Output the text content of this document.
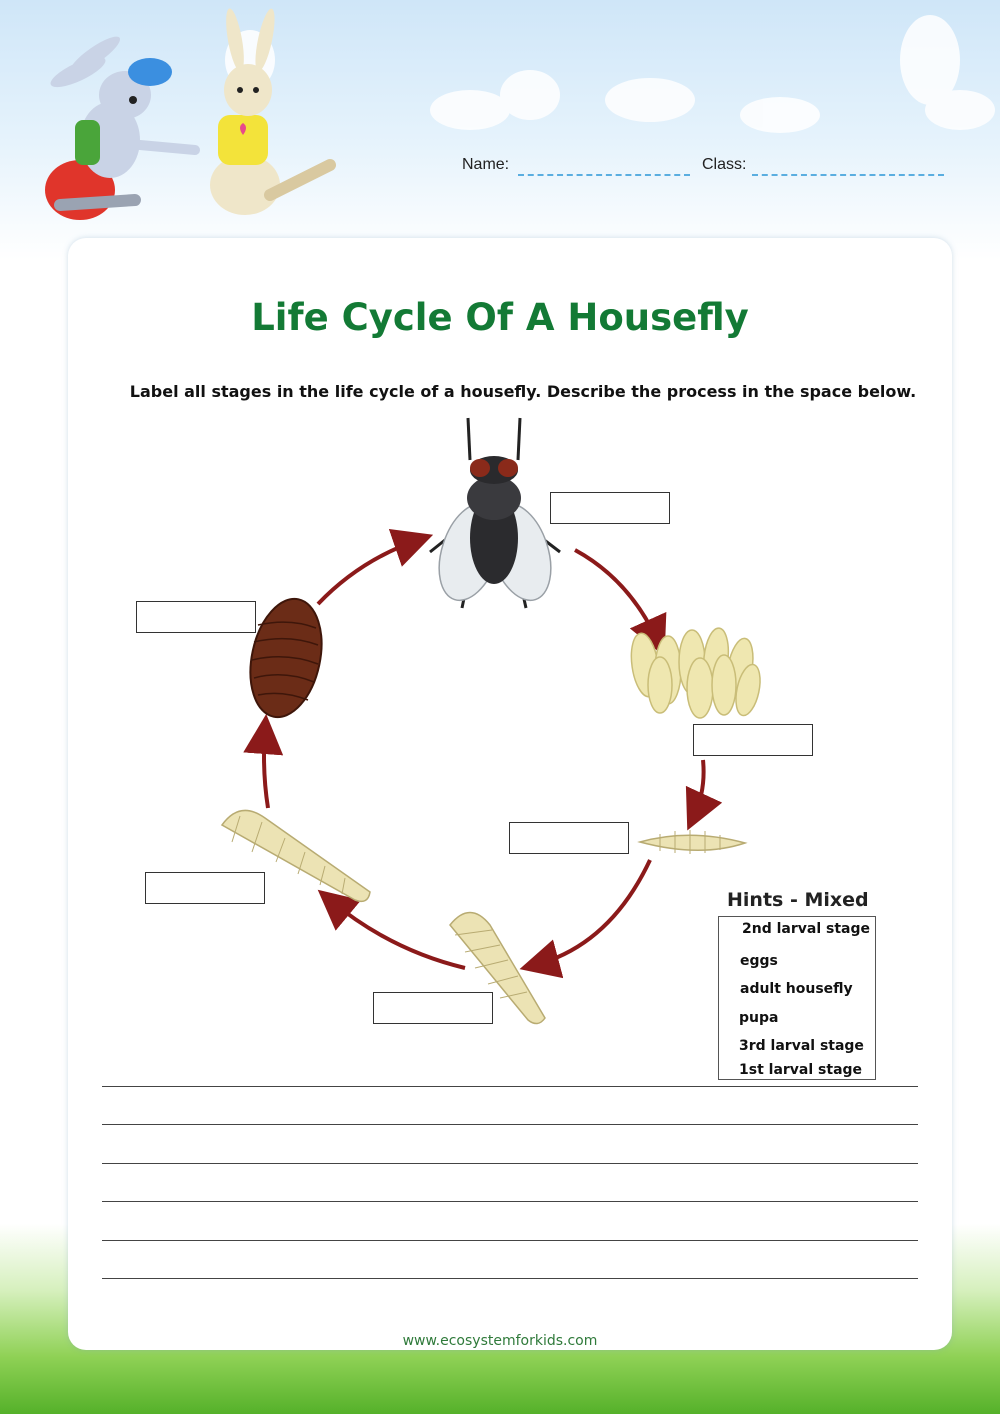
Name:	Class:
Life Cycle Of A Housefly
Label all stages in the life cycle of a housefly. Describe the process in the space below.
Hints - Mixed
2nd larval stage
eggs
adult housefly
pupa
3rd larval stage
1st larval stage
www.ecosystemforkids.com
